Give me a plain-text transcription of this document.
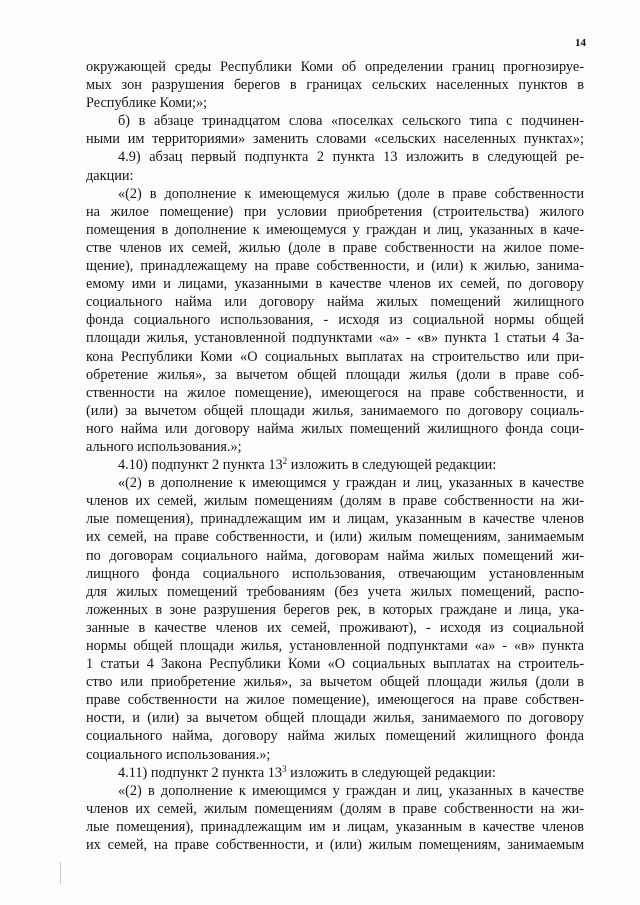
14
окружающей среды Республики Коми об определении границ прогнозируе-
мых зон разрушения берегов в границах сельских населенных пунктов в
Республике Коми;»;
б) в абзаце тринадцатом слова «поселках сельского типа с подчинен-
ными им территориями» заменить словами «сельских населенных пунктах»;
4.9) абзац первый подпункта 2 пункта 13 изложить в следующей ре-
дакции:
«(2) в дополнение к имеющемуся жилью (доле в праве собственности
на жилое помещение) при условии приобретения (строительства) жилого
помещения в дополнение к имеющемуся у граждан и лиц, указанных в каче-
стве членов их семей, жилью (доле в праве собственности на жилое поме-
щение), принадлежащему на праве собственности, и (или) к жилью, занима-
емому ими и лицами, указанными в качестве членов их семей, по договору
социального найма или договору найма жилых помещений жилищного
фонда социального использования, - исходя из социальной нормы общей
площади жилья, установленной подпунктами «а» - «в» пункта 1 статьи 4 За-
кона Республики Коми «О социальных выплатах на строительство или при-
обретение жилья», за вычетом общей площади жилья (доли в праве соб-
ственности на жилое помещение), имеющегося на праве собственности, и
(или) за вычетом общей площади жилья, занимаемого по договору социаль-
ного найма или договору найма жилых помещений жилищного фонда соци-
ального использования.»;
4.10) подпункт 2 пункта $13^2$ изложить в следующей редакции:
«(2) в дополнение к имеющимся у граждан и лиц, указанных в качестве
членов их семей, жилым помещениям (долям в праве собственности на жи-
лые помещения), принадлежащим им и лицам, указанным в качестве членов
их семей, на праве собственности, и (или) жилым помещениям, занимаемым
по договорам социального найма, договорам найма жилых помещений жи-
лищного фонда социального использования, отвечающим установленным
для жилых помещений требованиям (без учета жилых помещений, распо-
ложенных в зоне разрушения берегов рек, в которых граждане и лица, ука-
занные в качестве членов их семей, проживают), - исходя из социальной
нормы общей площади жилья, установленной подпунктами «а» - «в» пункта
1 статьи 4 Закона Республики Коми «О социальных выплатах на строитель-
ство или приобретение жилья», за вычетом общей площади жилья (доли в
праве собственности на жилое помещение), имеющегося на праве собствен-
ности, и (или) за вычетом общей площади жилья, занимаемого по договору
социального найма, договору найма жилых помещений жилищного фонда
социального использования.»;
4.11) подпункт 2 пункта $13^3$ изложить в следующей редакции:
«(2) в дополнение к имеющимся у граждан и лиц, указанных в качестве
членов их семей, жилым помещениям (долям в праве собственности на жи-
лые помещения), принадлежащим им и лицам, указанным в качестве членов
их семей, на праве собственности, и (или) жилым помещениям, занимаемым
